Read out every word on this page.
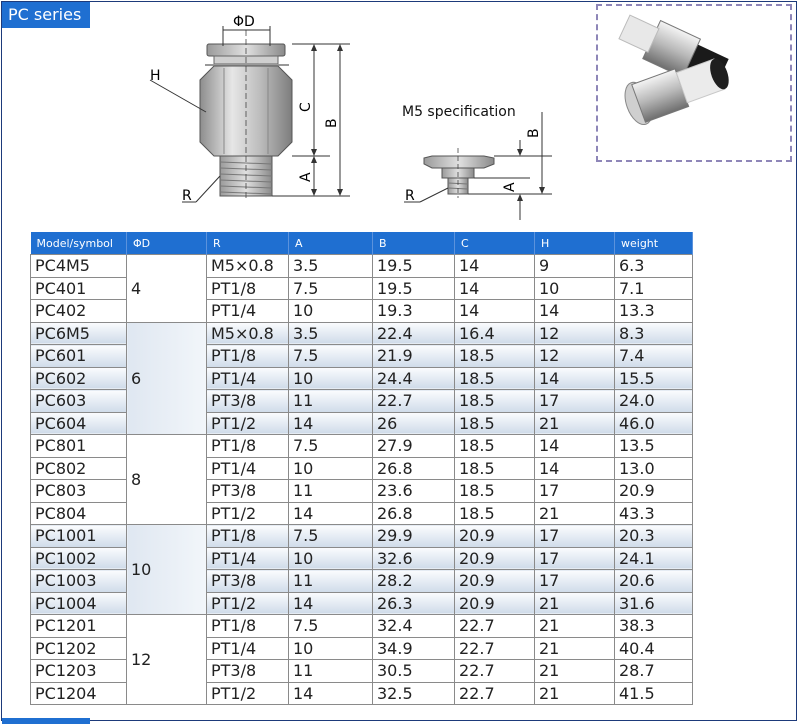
PC series	ΦD
H
C
B
A
R
A
B
R
M5 specification
Model/symbol	ΦD	R	A	B	C	H	weight
PC4M5	4	M5×0.8	3.5	19.5	14	9	6.3
PC401		PT1/8	7.5	19.5	14	10	7.1
PC402		PT1/4	10	19.3	14	14	13.3
PC6M5	6	M5×0.8	3.5	22.4	16.4	12	8.3
PC601		PT1/8	7.5	21.9	18.5	12	7.4
PC602		PT1/4	10	24.4	18.5	14	15.5
PC603		PT3/8	11	22.7	18.5	17	24.0
PC604		PT1/2	14	26	18.5	21	46.0
PC801	8	PT1/8	7.5	27.9	18.5	14	13.5
PC802		PT1/4	10	26.8	18.5	14	13.0
PC803		PT3/8	11	23.6	18.5	17	20.9
PC804		PT1/2	14	26.8	18.5	21	43.3
PC1001	10	PT1/8	7.5	29.9	20.9	17	20.3
PC1002		PT1/4	10	32.6	20.9	17	24.1
PC1003		PT3/8	11	28.2	20.9	17	20.6
PC1004		PT1/2	14	26.3	20.9	21	31.6
PC1201	12	PT1/8	7.5	32.4	22.7	21	38.3
PC1202		PT1/4	10	34.9	22.7	21	40.4
PC1203		PT3/8	11	30.5	22.7	21	28.7
PC1204		PT1/2	14	32.5	22.7	21	41.5
